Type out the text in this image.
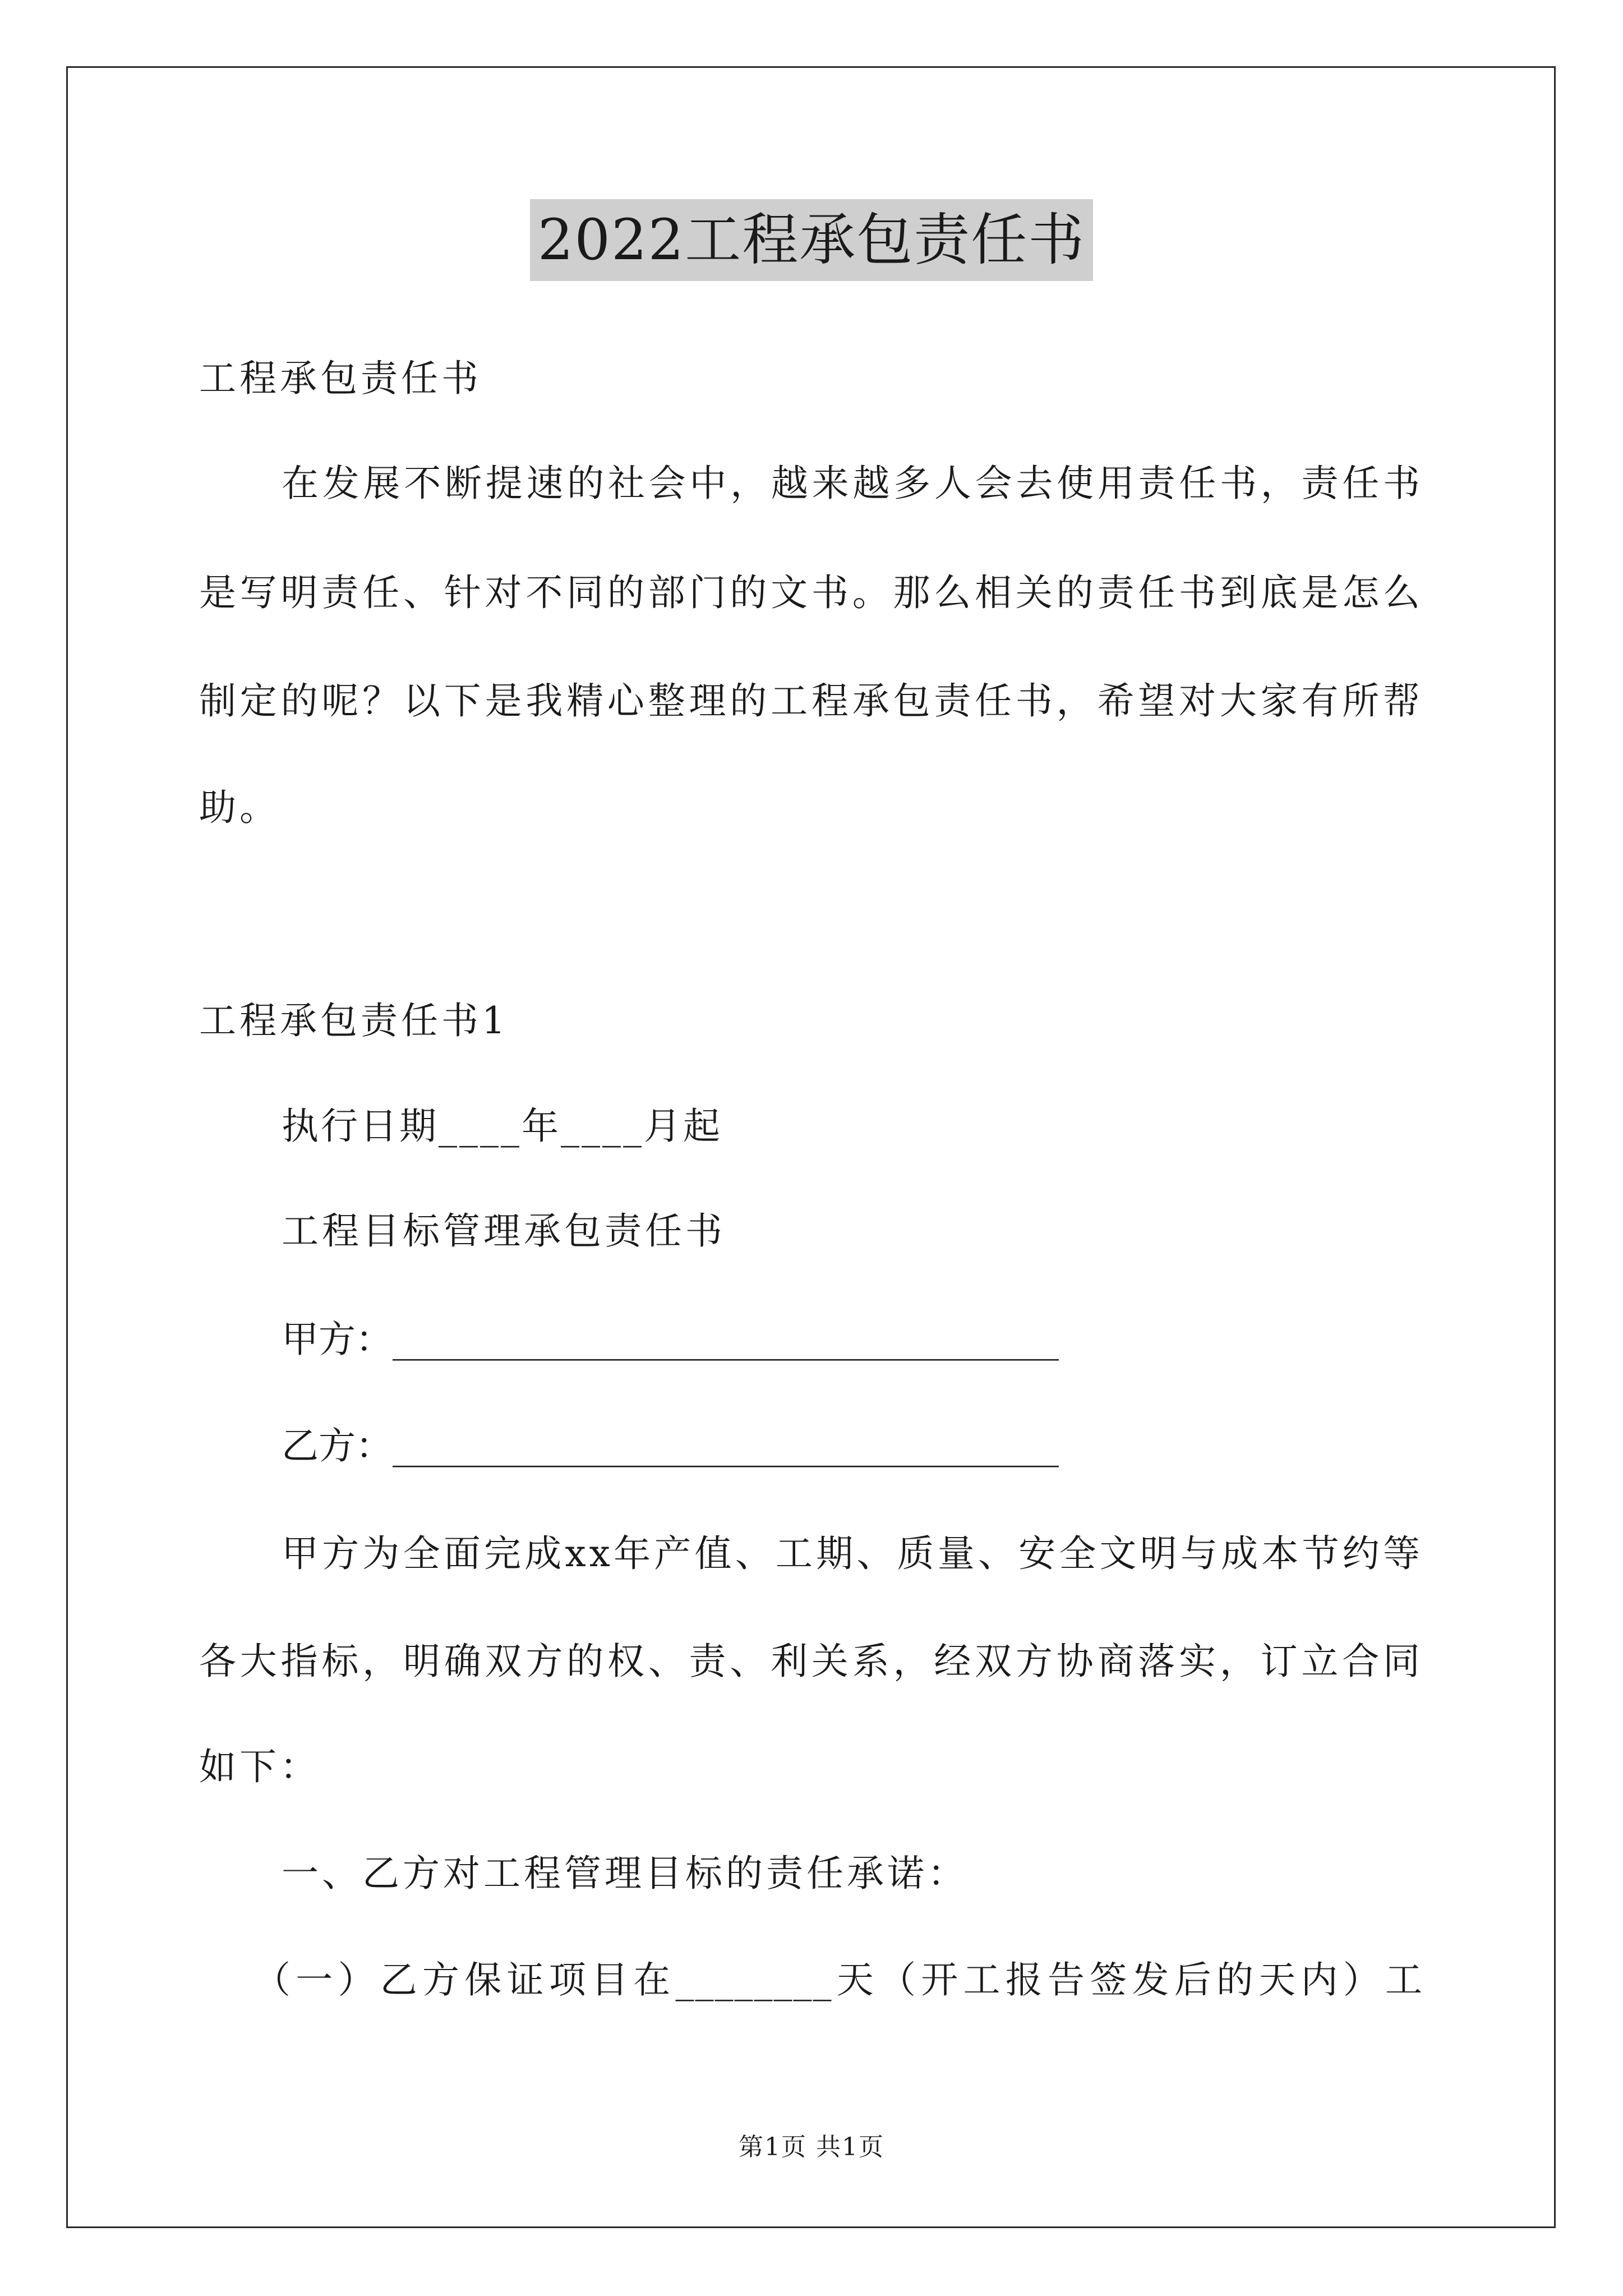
2022工程承包责任书
工程承包责任书
在发展不断提速的社会中，越来越多人会去使用责任书，责任书
是写明责任、针对不同的部门的文书。那么相关的责任书到底是怎么
制定的呢？以下是我精心整理的工程承包责任书，希望对大家有所帮
助。
工程承包责任书1
执行日期____年____月起
工程目标管理承包责任书
甲方：____________________________________
乙方：____________________________________
甲方为全面完成xx年产值、工期、质量、安全文明与成本节约等
各大指标，明确双方的权、责、利关系，经双方协商落实，订立合同
如下：
一、乙方对工程管理目标的责任承诺：
（一）乙方保证项目在________天（开工报告签发后的天内）工
第1页 共1页
